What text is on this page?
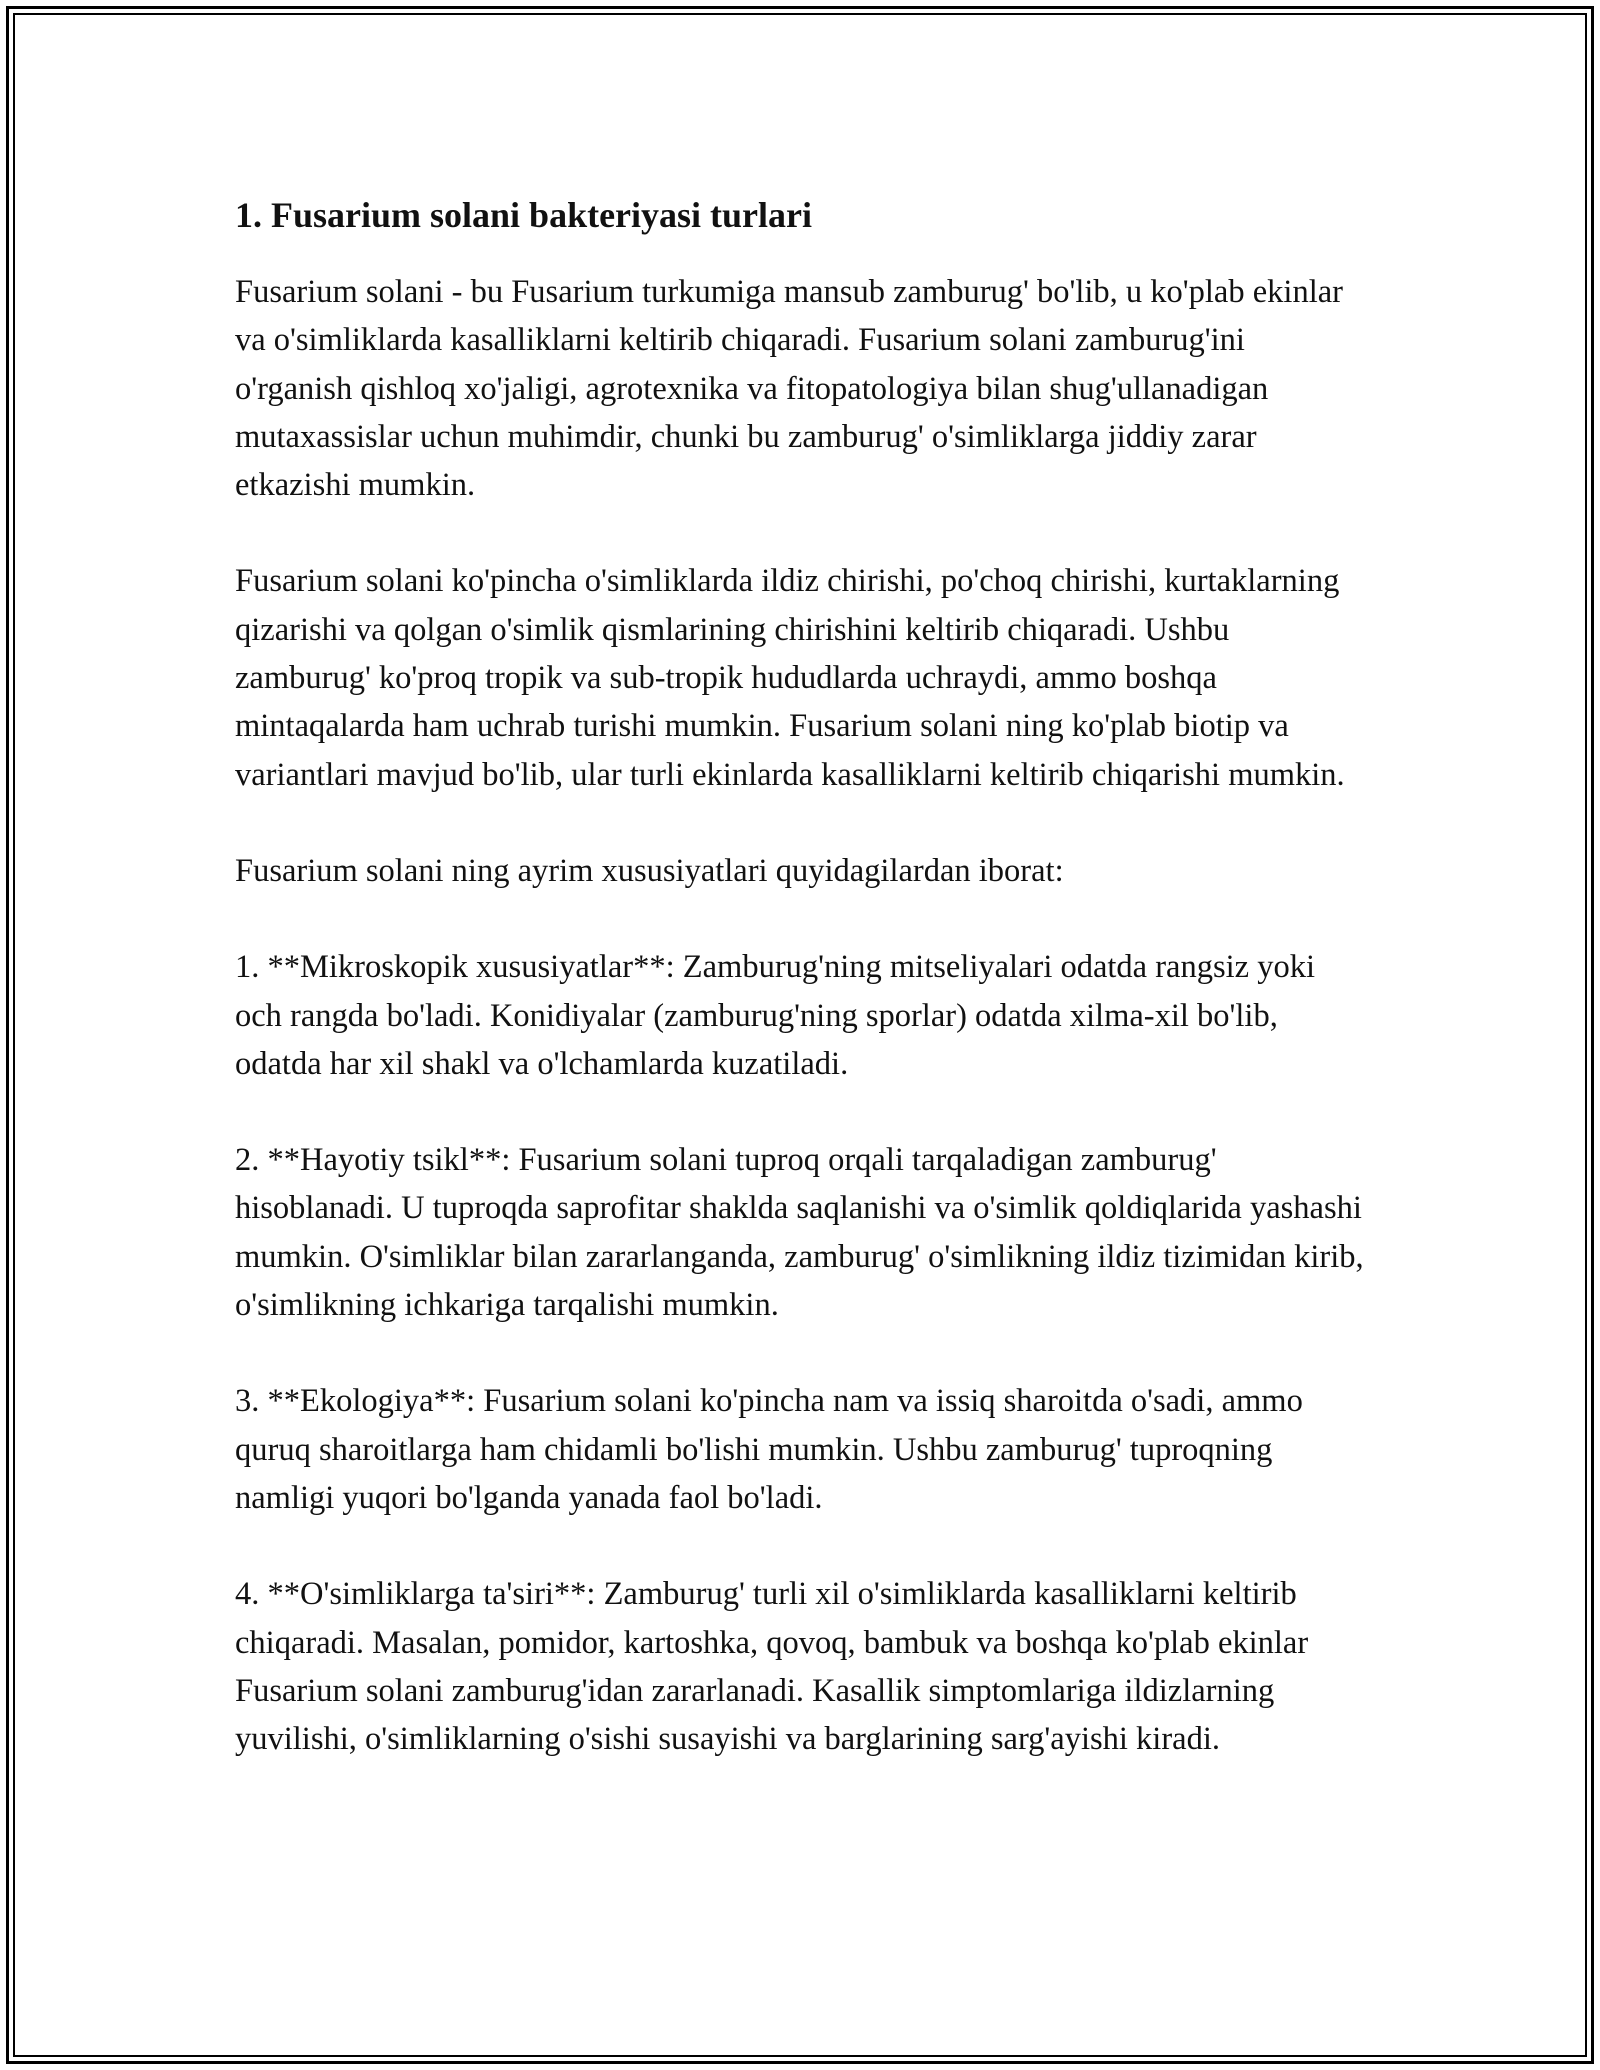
1. Fusarium solani bakteriyasi turlari

Fusarium solani - bu Fusarium turkumiga mansub zamburug' bo'lib, u ko'plab ekinlar va o'simliklarda kasalliklarni keltirib chiqaradi. Fusarium solani zamburug'ini o'rganish qishloq xo'jaligi, agrotexnika va fitopatologiya bilan shug'ullanadigan mutaxassislar uchun muhimdir, chunki bu zamburug' o'simliklarga jiddiy zarar etkazishi mumkin.

Fusarium solani ko'pincha o'simliklarda ildiz chirishi, po'choq chirishi, kurtaklarning qizarishi va qolgan o'simlik qismlarining chirishini keltirib chiqaradi. Ushbu zamburug' ko'proq tropik va sub-tropik hududlarda uchraydi, ammo boshqa mintaqalarda ham uchrab turishi mumkin. Fusarium solani ning ko'plab biotip va variantlari mavjud bo'lib, ular turli ekinlarda kasalliklarni keltirib chiqarishi mumkin.

Fusarium solani ning ayrim xususiyatlari quyidagilardan iborat:

1. **Mikroskopik xususiyatlar**: Zamburug'ning mitseliyalari odatda rangsiz yoki och rangda bo'ladi. Konidiyalar (zamburug'ning sporlar) odatda xilma-xil bo'lib, odatda har xil shakl va o'lchamlarda kuzatiladi.

2. **Hayotiy tsikl**: Fusarium solani tuproq orqali tarqaladigan zamburug' hisoblanadi. U tuproqda saprofitar shaklda saqlanishi va o'simlik qoldiqlarida yashashi mumkin. O'simliklar bilan zararlanganda, zamburug' o'simlikning ildiz tizimidan kirib, o'simlikning ichkariga tarqalishi mumkin.

3. **Ekologiya**: Fusarium solani ko'pincha nam va issiq sharoitda o'sadi, ammo quruq sharoitlarga ham chidamli bo'lishi mumkin. Ushbu zamburug' tuproqning namligi yuqori bo'lganda yanada faol bo'ladi.

4. **O'simliklarga ta'siri**: Zamburug' turli xil o'simliklarda kasalliklarni keltirib chiqaradi. Masalan, pomidor, kartoshka, qovoq, bambuk va boshqa ko'plab ekinlar Fusarium solani zamburug'idan zararlanadi. Kasallik simptomlariga ildizlarning yuvilishi, o'simliklarning o'sishi susayishi va barglarining sarg'ayishi kiradi.
